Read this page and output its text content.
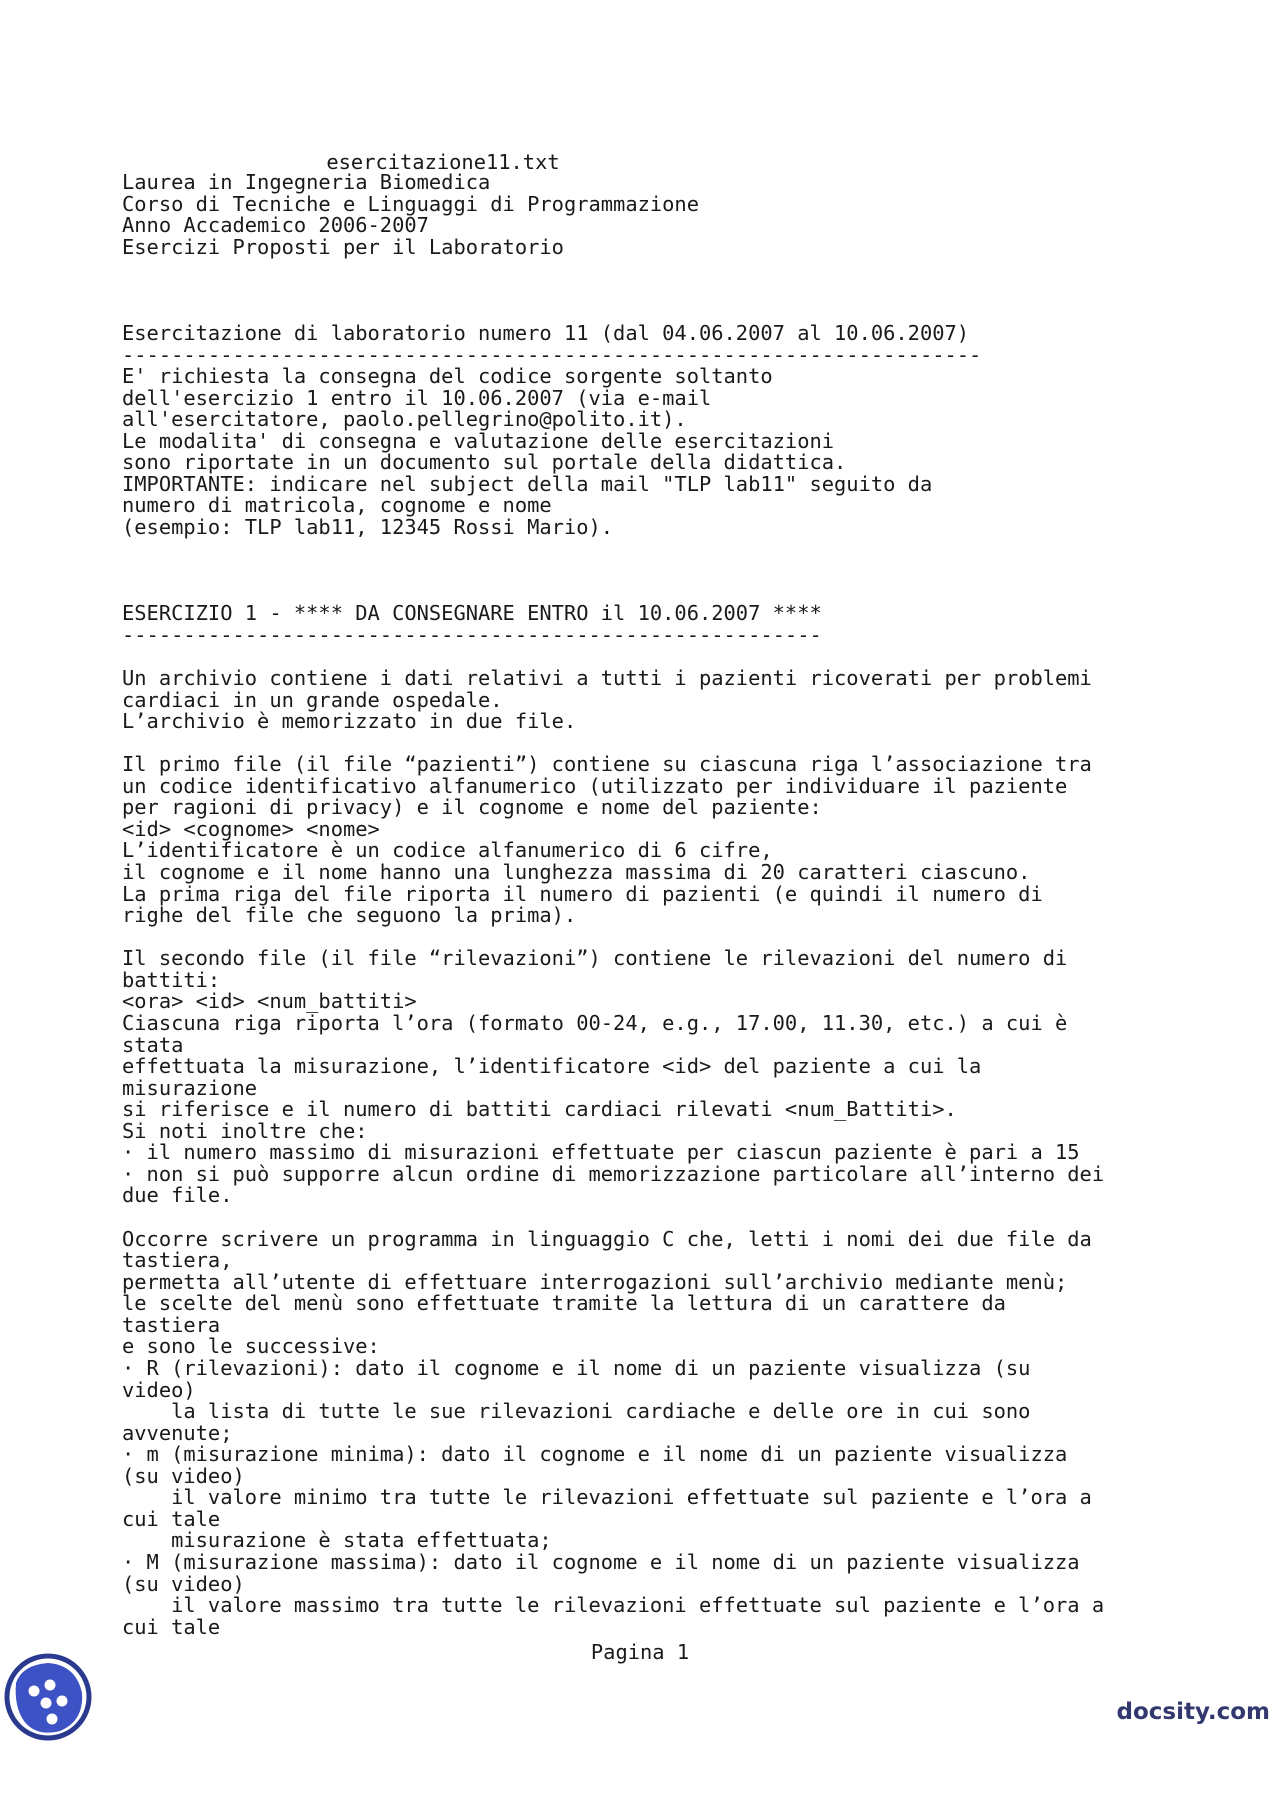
esercitazione11.txt
Laurea in Ingegneria Biomedica
Corso di Tecniche e Linguaggi di Programmazione
Anno Accademico 2006-2007
Esercizi Proposti per il Laboratorio

Esercitazione di laboratorio numero 11 (dal 04.06.2007 al 10.06.2007)
----------------------------------------------------------------------
E' richiesta la consegna del codice sorgente soltanto
dell'esercizio 1 entro il 10.06.2007 (via e-mail
all'esercitatore, paolo.pellegrino@polito.it).
Le modalita' di consegna e valutazione delle esercitazioni
sono riportate in un documento sul portale della didattica.
IMPORTANTE: indicare nel subject della mail "TLP lab11" seguito da
numero di matricola, cognome e nome
(esempio: TLP lab11, 12345 Rossi Mario).

ESERCIZIO 1 - **** DA CONSEGNARE ENTRO il 10.06.2007 ****
---------------------------------------------------------

Un archivio contiene i dati relativi a tutti i pazienti ricoverati per problemi
cardiaci in un grande ospedale.
L’archivio è memorizzato in due file.

Il primo file (il file “pazienti”) contiene su ciascuna riga l’associazione tra
un codice identificativo alfanumerico (utilizzato per individuare il paziente
per ragioni di privacy) e il cognome e nome del paziente:
<id> <cognome> <nome>
L’identificatore è un codice alfanumerico di 6 cifre,
il cognome e il nome hanno una lunghezza massima di 20 caratteri ciascuno.
La prima riga del file riporta il numero di pazienti (e quindi il numero di
righe del file che seguono la prima).

Il secondo file (il file “rilevazioni”) contiene le rilevazioni del numero di
battiti:
<ora> <id> <num_battiti>
Ciascuna riga riporta l’ora (formato 00-24, e.g., 17.00, 11.30, etc.) a cui è
stata
effettuata la misurazione, l’identificatore <id> del paziente a cui la
misurazione
si riferisce e il numero di battiti cardiaci rilevati <num_Battiti>.
Si noti inoltre che:
· il numero massimo di misurazioni effettuate per ciascun paziente è pari a 15
· non si può supporre alcun ordine di memorizzazione particolare all’interno dei
due file.

Occorre scrivere un programma in linguaggio C che, letti i nomi dei due file da
tastiera,
permetta all’utente di effettuare interrogazioni sull’archivio mediante menù;
le scelte del menù sono effettuate tramite la lettura di un carattere da
tastiera
e sono le successive:
· R (rilevazioni): dato il cognome e il nome di un paziente visualizza (su
video)
la lista di tutte le sue rilevazioni cardiache e delle ore in cui sono
avvenute;
· m (misurazione minima): dato il cognome e il nome di un paziente visualizza
(su video)
il valore minimo tra tutte le rilevazioni effettuate sul paziente e l’ora a
cui tale
misurazione è stata effettuata;
· M (misurazione massima): dato il cognome e il nome di un paziente visualizza
(su video)
il valore massimo tra tutte le rilevazioni effettuate sul paziente e l’ora a
cui tale
Pagina 1
docsity.com
